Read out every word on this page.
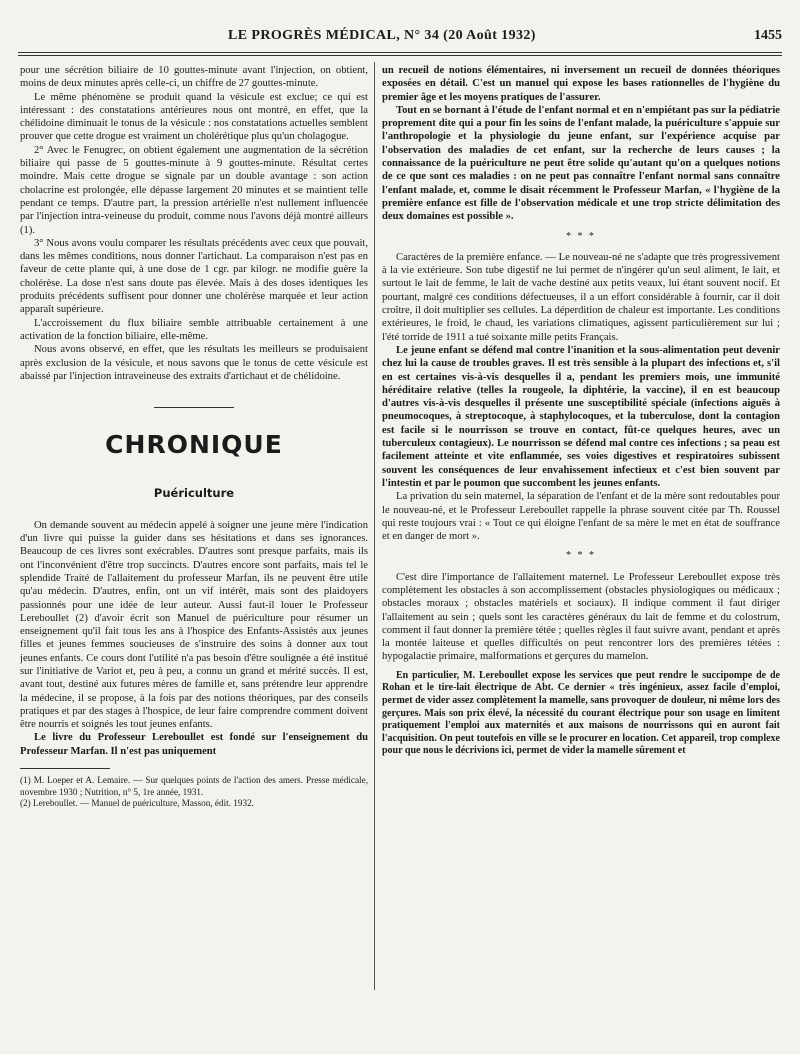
LE PROGRÈS MÉDICAL, N° 34 (20 Août 1932)	1455

pour une sécrétion biliaire de 10 gouttes-minute avant l'injection, on obtient, moins de deux minutes après celle-ci, un chiffre de 27 gouttes-minute.

Le même phénomène se produit quand la vésicule est exclue; ce qui est intéressant : des constatations antérieures nous ont montré, en effet, que la chélidoine diminuait le tonus de la vésicule : nos constatations actuelles semblent prouver que cette drogue est vraiment un cholérétique plus qu'un cholagogue.

2° Avec le Fenugrec, on obtient également une augmentation de la sécrétion biliaire qui passe de 5 gouttes-minute à 9 gouttes-minute. Résultat certes moindre. Mais cette drogue se signale par un double avantage : son action cholacrine est prolongée, elle dépasse largement 20 minutes et se maintient telle pendant ce temps. D'autre part, la pression artérielle n'est nullement influencée par l'injection intra-veineuse du produit, comme nous l'avons déjà montré ailleurs (1).

3° Nous avons voulu comparer les résultats précédents avec ceux que pouvait, dans les mêmes conditions, nous donner l'artichaut. La comparaison n'est pas en faveur de cette plante qui, à une dose de 1 cgr. par kilogr. ne modifie guère la cholérèse. La dose n'est sans doute pas élevée. Mais à des doses identiques les produits précédents suffisent pour donner une cholérèse marquée et leur action apparaît supérieure.

L'accroissement du flux biliaire semble attribuable certainement à une activation de la fonction biliaire, elle-même.

Nous avons observé, en effet, que les résultats les meilleurs se produisaient après exclusion de la vésicule, et nous savons que le tonus de cette vésicule est abaissé par l'injection intraveineuse des extraits d'artichaut et de chélidoine.

CHRONIQUE
Puériculture

On demande souvent au médecin appelé à soigner une jeune mère l'indication d'un livre qui puisse la guider dans ses hésitations et dans ses ignorances. Beaucoup de ces livres sont exécrables. D'autres sont presque parfaits, mais ils ont l'inconvénient d'être trop succincts. D'autres encore sont parfaits, mais tel le splendide Traité de l'allaitement du professeur Marfan, ils ne peuvent être utile qu'au médecin. D'autres, enfin, ont un vif intérêt, mais sont des plaidoyers passionnés pour une idée de leur auteur. Aussi faut-il louer le Professeur Lereboullet (2) d'avoir écrit son Manuel de puériculture pour résumer un enseignement qu'il fait tous les ans à l'hospice des Enfants-Assistés aux jeunes filles et jeunes femmes soucieuses de s'instruire des soins à donner aux tout jeunes enfants. Ce cours dont l'utilité n'a pas besoin d'être soulignée a été institué sur l'initiative de Variot et, peu à peu, a connu un grand et mérité succès. Il est, avant tout, destiné aux futures mères de famille et, sans prétendre leur apprendre la médecine, il se propose, à la fois par des notions théoriques, par des conseils pratiques et par des stages à l'hospice, de leur faire comprendre comment doivent être nourris et soignés les tout jeunes enfants.

Le livre du Professeur Lereboullet est fondé sur l'enseignement du Professeur Marfan. Il n'est pas uniquement

(1) M. Loeper et A. Lemaire. — Sur quelques points de l'action des amers. Presse médicale, novembre 1930 ; Nutrition, n° 5, 1re année, 1931.

(2) Lereboullet. — Manuel de puériculture, Masson, édit. 1932.

un recueil de notions élémentaires, ni inversement un recueil de données théoriques exposées en détail. C'est un manuel qui expose les bases rationnelles de l'hygiène du premier âge et les moyens pratiques de l'assurer.

Tout en se bornant à l'étude de l'enfant normal et en n'empiétant pas sur la pédiatrie proprement dite qui a pour fin les soins de l'enfant malade, la puériculture s'appuie sur l'anthropologie et la physiologie du jeune enfant, sur l'expérience acquise par l'observation des maladies de cet enfant, sur la recherche de leurs causes ; la connaissance de la puériculture ne peut être solide qu'autant qu'on a quelques notions de ce que sont ces maladies : on ne peut pas connaître l'enfant normal sans connaître l'enfant malade, et, comme le disait récemment le Professeur Marfan, « l'hygiène de la première enfance est fille de l'observation médicale et une trop stricte délimitation des deux domaines est possible ».

* * *

Caractères de la première enfance. — Le nouveau-né ne s'adapte que très progressivement à la vie extérieure. Son tube digestif ne lui permet de n'ingérer qu'un seul aliment, le lait, et surtout le lait de femme, le lait de vache destiné aux petits veaux, lui étant souvent nocif. Et pourtant, malgré ces conditions défectueuses, il a un effort considérable à fournir, car il doit croître, il doit multiplier ses cellules. La déperdition de chaleur est importante. Les conditions extérieures, le froid, le chaud, les variations climatiques, agissent particulièrement sur lui ; l'été torride de 1911 a tué soixante mille petits Français.

Le jeune enfant se défend mal contre l'inanition et la sous-alimentation peut devenir chez lui la cause de troubles graves. Il est très sensible à la plupart des infections et, s'il en est certaines vis-à-vis desquelles il a, pendant les premiers mois, une immunité héréditaire relative (telles la rougeole, la diphtérie, la vaccine), il en est beaucoup d'autres vis-à-vis desquelles il présente une susceptibilité spéciale (infections aiguës à pneumocoques, à streptocoque, à staphylocoques, et la tuberculose, dont la contagion est facile si le nourrisson se trouve en contact, fût-ce quelques heures, avec un tuberculeux contagieux). Le nourrisson se défend mal contre ces infections ; sa peau est facilement atteinte et vite enflammée, ses voies digestives et respiratoires subissent souvent les conséquences de leur envahissement infectieux et c'est bien souvent par l'intestin et par le poumon que succombent les jeunes enfants.

La privation du sein maternel, la séparation de l'enfant et de la mère sont redoutables pour le nouveau-né, et le Professeur Lereboullet rappelle la phrase souvent citée par Th. Roussel qui reste toujours vrai : « Tout ce qui éloigne l'enfant de sa mère le met en état de souffrance et en danger de mort ».

* * *

C'est dire l'importance de l'allaitement maternel. Le Professeur Lereboullet expose très complètement les obstacles à son accomplissement (obstacles physiologiques ou médicaux ; obstacles moraux ; obstacles matériels et sociaux). Il indique comment il faut diriger l'allaitement au sein ; quels sont les caractères généraux du lait de femme et du colostrum, comment il faut donner la première tétée ; quelles règles il faut suivre avant, pendant et après la montée laiteuse et quelles difficultés on peut rencontrer lors des premières tétées : hypogalactie primaire, malformations et gerçures du mamelon.

En particulier, M. Lereboullet expose les services que peut rendre le succipompe de de Rohan et le tire-lait électrique de Abt. Ce dernier « très ingénieux, assez facile d'emploi, permet de vider assez complètement la mamelle, sans provoquer de douleur, ni même lors des gerçures. Mais son prix élevé, la nécessité du courant électrique pour son usage en limitent pratiquement l'emploi aux maternités et aux maisons de nourrissons qui en auront fait l'acquisition. On peut toutefois en ville se le procurer en location. Cet appareil, trop complexe pour que nous le décrivions ici, permet de vider la mamelle sûrement et
